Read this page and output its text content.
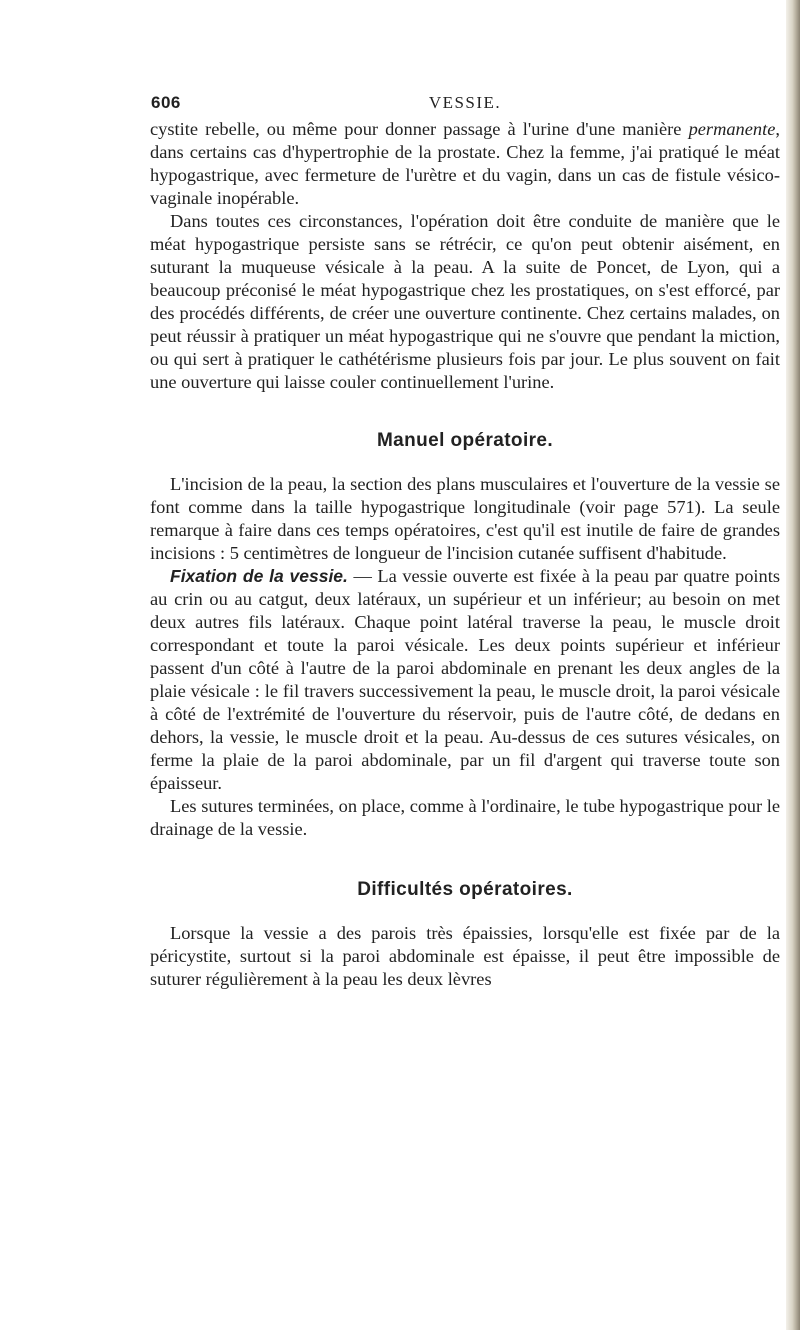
606	VESSIE.

cystite rebelle, ou même pour donner passage à l'urine d'une manière permanente, dans certains cas d'hypertrophie de la prostate. Chez la femme, j'ai pratiqué le méat hypogastrique, avec fermeture de l'urètre et du vagin, dans un cas de fistule vésico-vaginale inopérable.

Dans toutes ces circonstances, l'opération doit être conduite de manière que le méat hypogastrique persiste sans se rétrécir, ce qu'on peut obtenir aisément, en suturant la muqueuse vésicale à la peau. A la suite de Poncet, de Lyon, qui a beaucoup préconisé le méat hypogastrique chez les prostatiques, on s'est efforcé, par des procédés différents, de créer une ouverture continente. Chez certains malades, on peut réussir à pratiquer un méat hypogastrique qui ne s'ouvre que pendant la miction, ou qui sert à pratiquer le cathétérisme plusieurs fois par jour. Le plus souvent on fait une ouverture qui laisse couler continuellement l'urine.

Manuel opératoire.

L'incision de la peau, la section des plans musculaires et l'ouverture de la vessie se font comme dans la taille hypogastrique longitudinale (voir page 571). La seule remarque à faire dans ces temps opératoires, c'est qu'il est inutile de faire de grandes incisions : 5 centimètres de longueur de l'incision cutanée suffisent d'habitude.

Fixation de la vessie. — La vessie ouverte est fixée à la peau par quatre points au crin ou au catgut, deux latéraux, un supérieur et un inférieur; au besoin on met deux autres fils latéraux. Chaque point latéral traverse la peau, le muscle droit correspondant et toute la paroi vésicale. Les deux points supérieur et inférieur passent d'un côté à l'autre de la paroi abdominale en prenant les deux angles de la plaie vésicale : le fil travers successivement la peau, le muscle droit, la paroi vésicale à côté de l'extrémité de l'ouverture du réservoir, puis de l'autre côté, de dedans en dehors, la vessie, le muscle droit et la peau. Au-dessus de ces sutures vésicales, on ferme la plaie de la paroi abdominale, par un fil d'argent qui traverse toute son épaisseur.

Les sutures terminées, on place, comme à l'ordinaire, le tube hypogastrique pour le drainage de la vessie.

Difficultés opératoires.

Lorsque la vessie a des parois très épaissies, lorsqu'elle est fixée par de la péricystite, surtout si la paroi abdominale est épaisse, il peut être impossible de suturer régulièrement à la peau les deux lèvres
